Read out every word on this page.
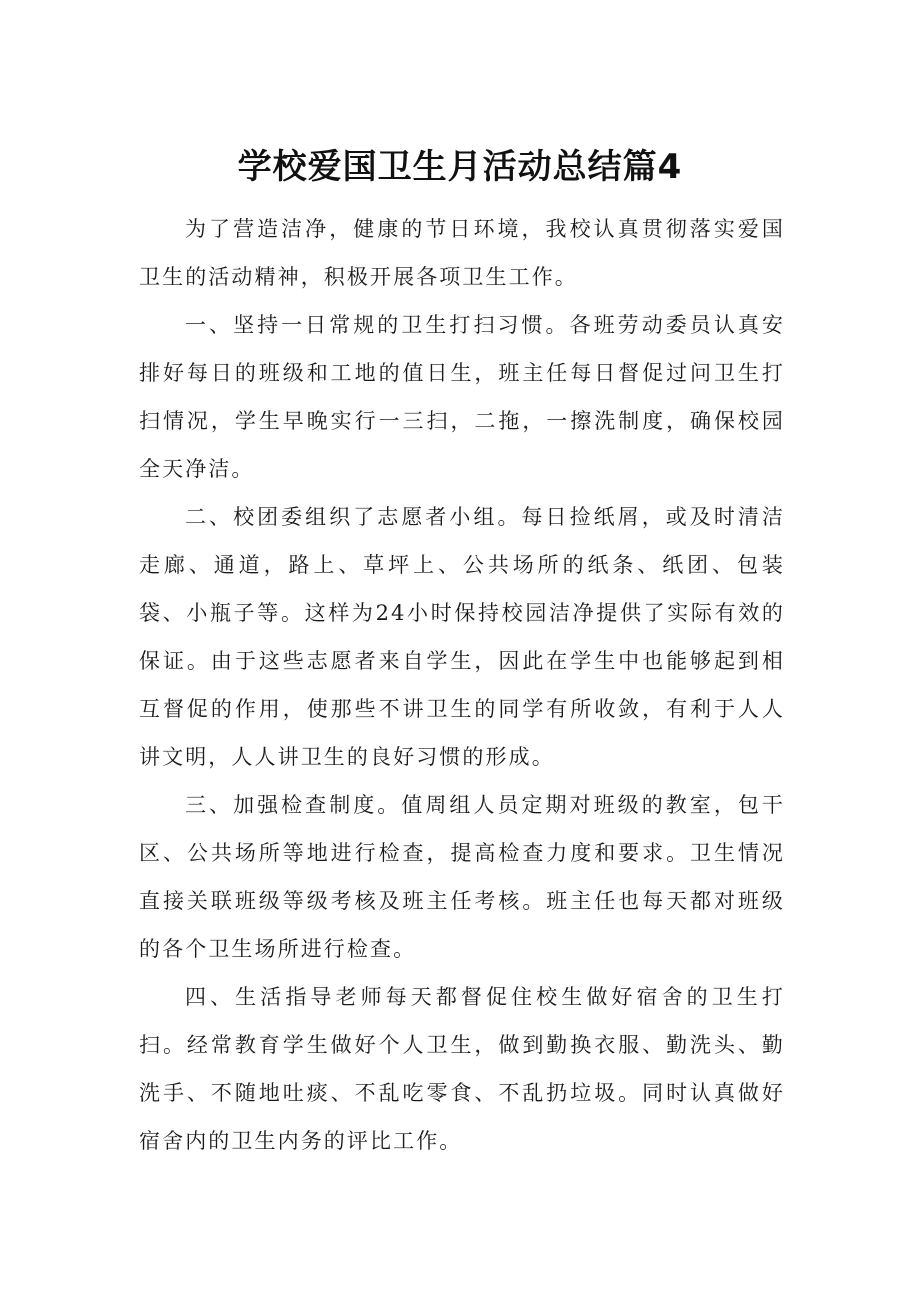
学校爱国卫生月活动总结篇4

为了营造洁净，健康的节日环境，我校认真贯彻落实爱国卫生的活动精神，积极开展各项卫生工作。

一、坚持一日常规的卫生打扫习惯。各班劳动委员认真安排好每日的班级和工地的值日生，班主任每日督促过问卫生打扫情况，学生早晚实行一三扫，二拖，一擦洗制度，确保校园全天净洁。

二、校团委组织了志愿者小组。每日捡纸屑，或及时清洁走廊、通道，路上、草坪上、公共场所的纸条、纸团、包装袋、小瓶子等。这样为24小时保持校园洁净提供了实际有效的保证。由于这些志愿者来自学生，因此在学生中也能够起到相互督促的作用，使那些不讲卫生的同学有所收敛，有利于人人讲文明，人人讲卫生的良好习惯的形成。

三、加强检查制度。值周组人员定期对班级的教室，包干区、公共场所等地进行检查，提高检查力度和要求。卫生情况直接关联班级等级考核及班主任考核。班主任也每天都对班级的各个卫生场所进行检查。

四、生活指导老师每天都督促住校生做好宿舍的卫生打扫。经常教育学生做好个人卫生，做到勤换衣服、勤洗头、勤洗手、不随地吐痰、不乱吃零食、不乱扔垃圾。同时认真做好宿舍内的卫生内务的评比工作。
